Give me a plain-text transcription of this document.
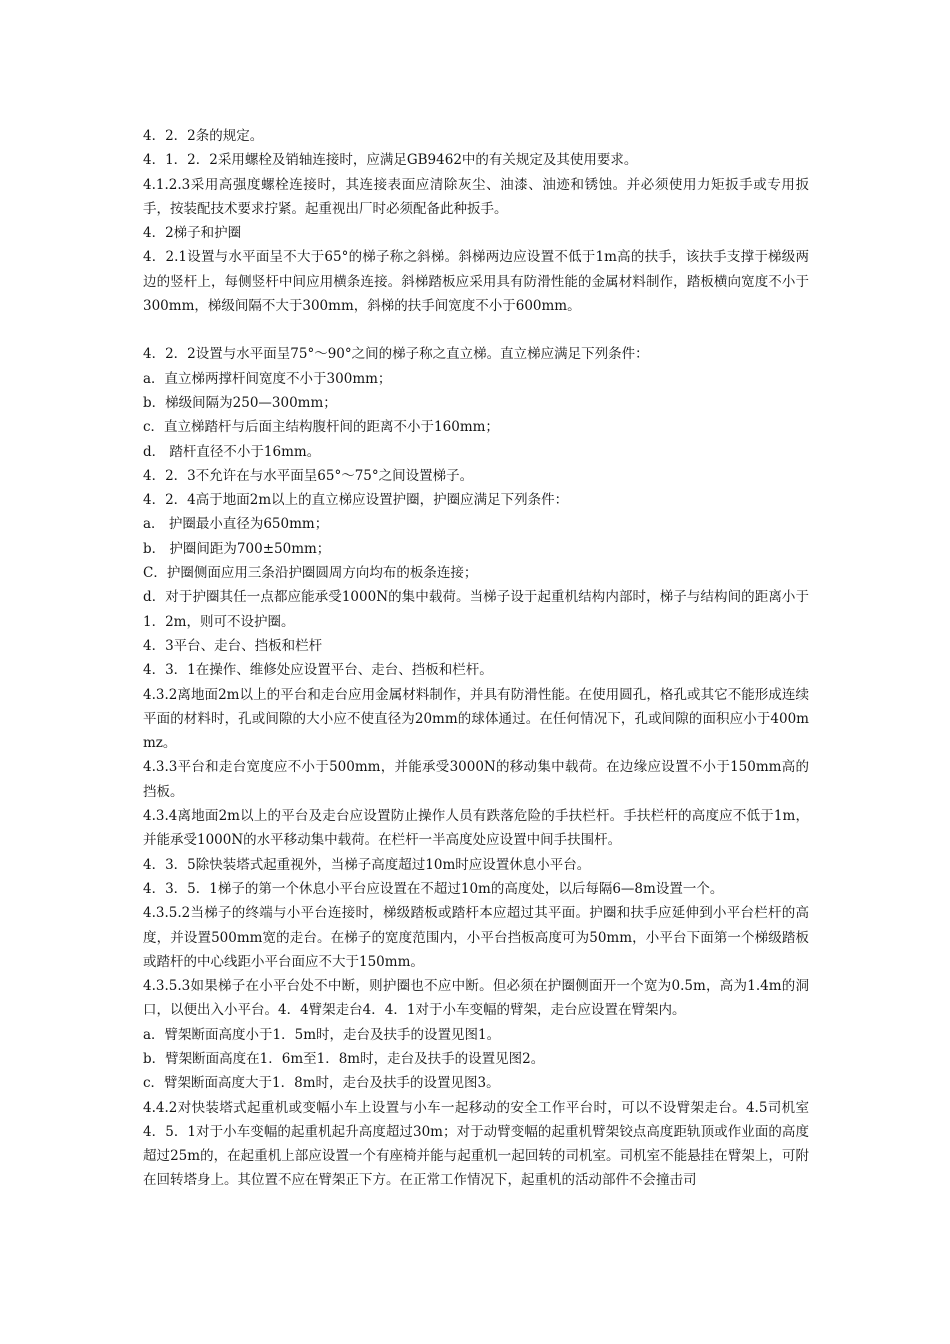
4．2．2条的规定。

4．1．2．2采用螺栓及销轴连接时，应满足GB9462中的有关规定及其使用要求。

4.1.2.3采用高强度螺栓连接时，其连接表面应清除灰尘、油漆、油迹和锈蚀。并必须使用力矩扳手或专用扳手，按装配技术要求拧紧。起重视出厂时必须配备此种扳手。

4．2梯子和护圈

4．2.1设置与水平面呈不大于65°的梯子称之斜梯。斜梯两边应设置不低于1m高的扶手，该扶手支撑于梯级两边的竖杆上，每侧竖杆中间应用横条连接。斜梯踏板应采用具有防滑性能的金属材料制作，踏板横向宽度不小于300mm，梯级间隔不大于300mm，斜梯的扶手间宽度不小于600mm。

4．2．2设置与水平面呈75°～90°之间的梯子称之直立梯。直立梯应满足下列条件：

a．直立梯两撑杆间宽度不小于300mm；

b．梯级间隔为250—300mm；

c．直立梯踏杆与后面主结构腹杆间的距离不小于160mm；

d． 踏杆直径不小于16mm。

4．2．3不允许在与水平面呈65°～75°之间设置梯子。

4．2．4高于地面2m以上的直立梯应设置护圈，护圈应满足下列条件：

a． 护圈最小直径为650mm；

b． 护圈间距为700±50mm；

C．护圈侧面应用三条沿护圈圆周方向均布的板条连接；

d．对于护圈其任一点都应能承受1000N的集中载荷。当梯子设于起重机结构内部时，梯子与结构间的距离小于1．2m，则可不设护圈。

4．3平台、走台、挡板和栏杆

4．3．1在操作、维修处应设置平台、走台、挡板和栏杆。

4.3.2离地面2m以上的平台和走台应用金属材料制作，并具有防滑性能。在使用圆孔，格孔或其它不能形成连续平面的材料时，孔或间隙的大小应不使直径为20mm的球体通过。在任何情况下，孔或间隙的面积应小于400mmz。

4.3.3平台和走台宽度应不小于500mm，并能承受3000N的移动集中载荷。在边缘应设置不小于150mm高的挡板。

4.3.4离地面2m以上的平台及走台应设置防止操作人员有跌落危险的手扶栏杆。手扶栏杆的高度应不低于1m，并能承受1000N的水平移动集中载荷。在栏杆一半高度处应设置中间手扶围杆。

4．3．5除快装塔式起重视外，当梯子高度超过10m时应设置休息小平台。

4．3．5．1梯子的第一个休息小平台应设置在不超过10m的高度处，以后每隔6—8m设置一个。

4.3.5.2当梯子的终端与小平台连接时，梯级踏板或踏杆本应超过其平面。护圈和扶手应延伸到小平台栏杆的高度，并设置500mm宽的走台。在梯子的宽度范围内，小平台挡板高度可为50mm，小平台下面第一个梯级踏板或踏杆的中心线距小平台面应不大于150mm。

4.3.5.3如果梯子在小平台处不中断，则护圈也不应中断。但必须在护圈侧面开一个宽为0.5m，高为1.4m的洞口，以便出入小平台。4．4臂架走台4．4．1对于小车变幅的臂架，走台应设置在臂架内。

a．臂架断面高度小于1．5m时，走台及扶手的设置见图1。

b．臂架断面高度在1．6m至1．8m时，走台及扶手的设置见图2。

c．臂架断面高度大于1．8m时，走台及扶手的设置见图3。

4.4.2对快装塔式起重机或变幅小车上设置与小车一起移动的安全工作平台时，可以不设臂架走台。4.5司机室4．5．1对于小车变幅的起重机起升高度超过30m；对于动臂变幅的起重机臂架铰点高度距轨顶或作业面的高度超过25m的，在起重机上部应设置一个有座椅并能与起重机一起回转的司机室。司机室不能悬挂在臂架上，可附在回转塔身上。其位置不应在臂架正下方。在正常工作情况下，起重机的活动部件不会撞击司
